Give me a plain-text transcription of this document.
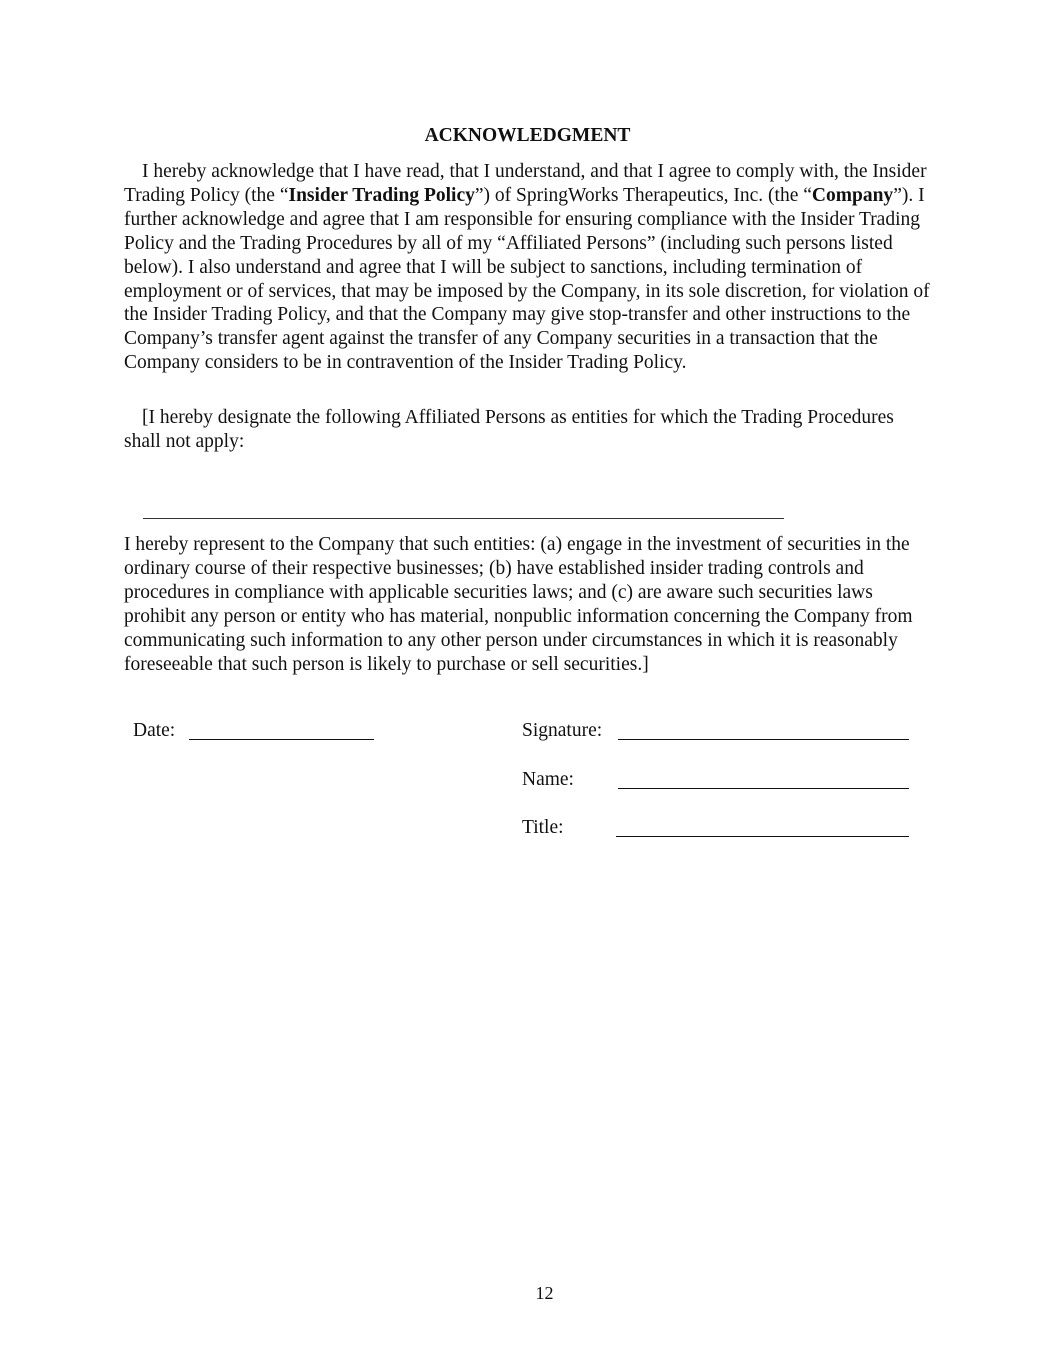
ACKNOWLEDGMENT

I hereby acknowledge that I have read, that I understand, and that I agree to comply with, the Insider Trading Policy (the “Insider Trading Policy”) of SpringWorks Therapeutics, Inc. (the “Company”). I further acknowledge and agree that I am responsible for ensuring compliance with the Insider Trading Policy and the Trading Procedures by all of my “Affiliated Persons” (including such persons listed below). I also understand and agree that I will be subject to sanctions, including termination of employment or of services, that may be imposed by the Company, in its sole discretion, for violation of the Insider Trading Policy, and that the Company may give stop-transfer and other instructions to the Company’s transfer agent against the transfer of any Company securities in a transaction that the Company considers to be in contravention of the Insider Trading Policy.

[I hereby designate the following Affiliated Persons as entities for which the Trading Procedures shall not apply:

I hereby represent to the Company that such entities: (a) engage in the investment of securities in the ordinary course of their respective businesses; (b) have established insider trading controls and procedures in compliance with applicable securities laws; and (c) are aware such securities laws prohibit any person or entity who has material, nonpublic information concerning the Company from communicating such information to any other person under circumstances in which it is reasonably foreseeable that such person is likely to purchase or sell securities.]

Date:	Signature:
Name:
Title:
12
